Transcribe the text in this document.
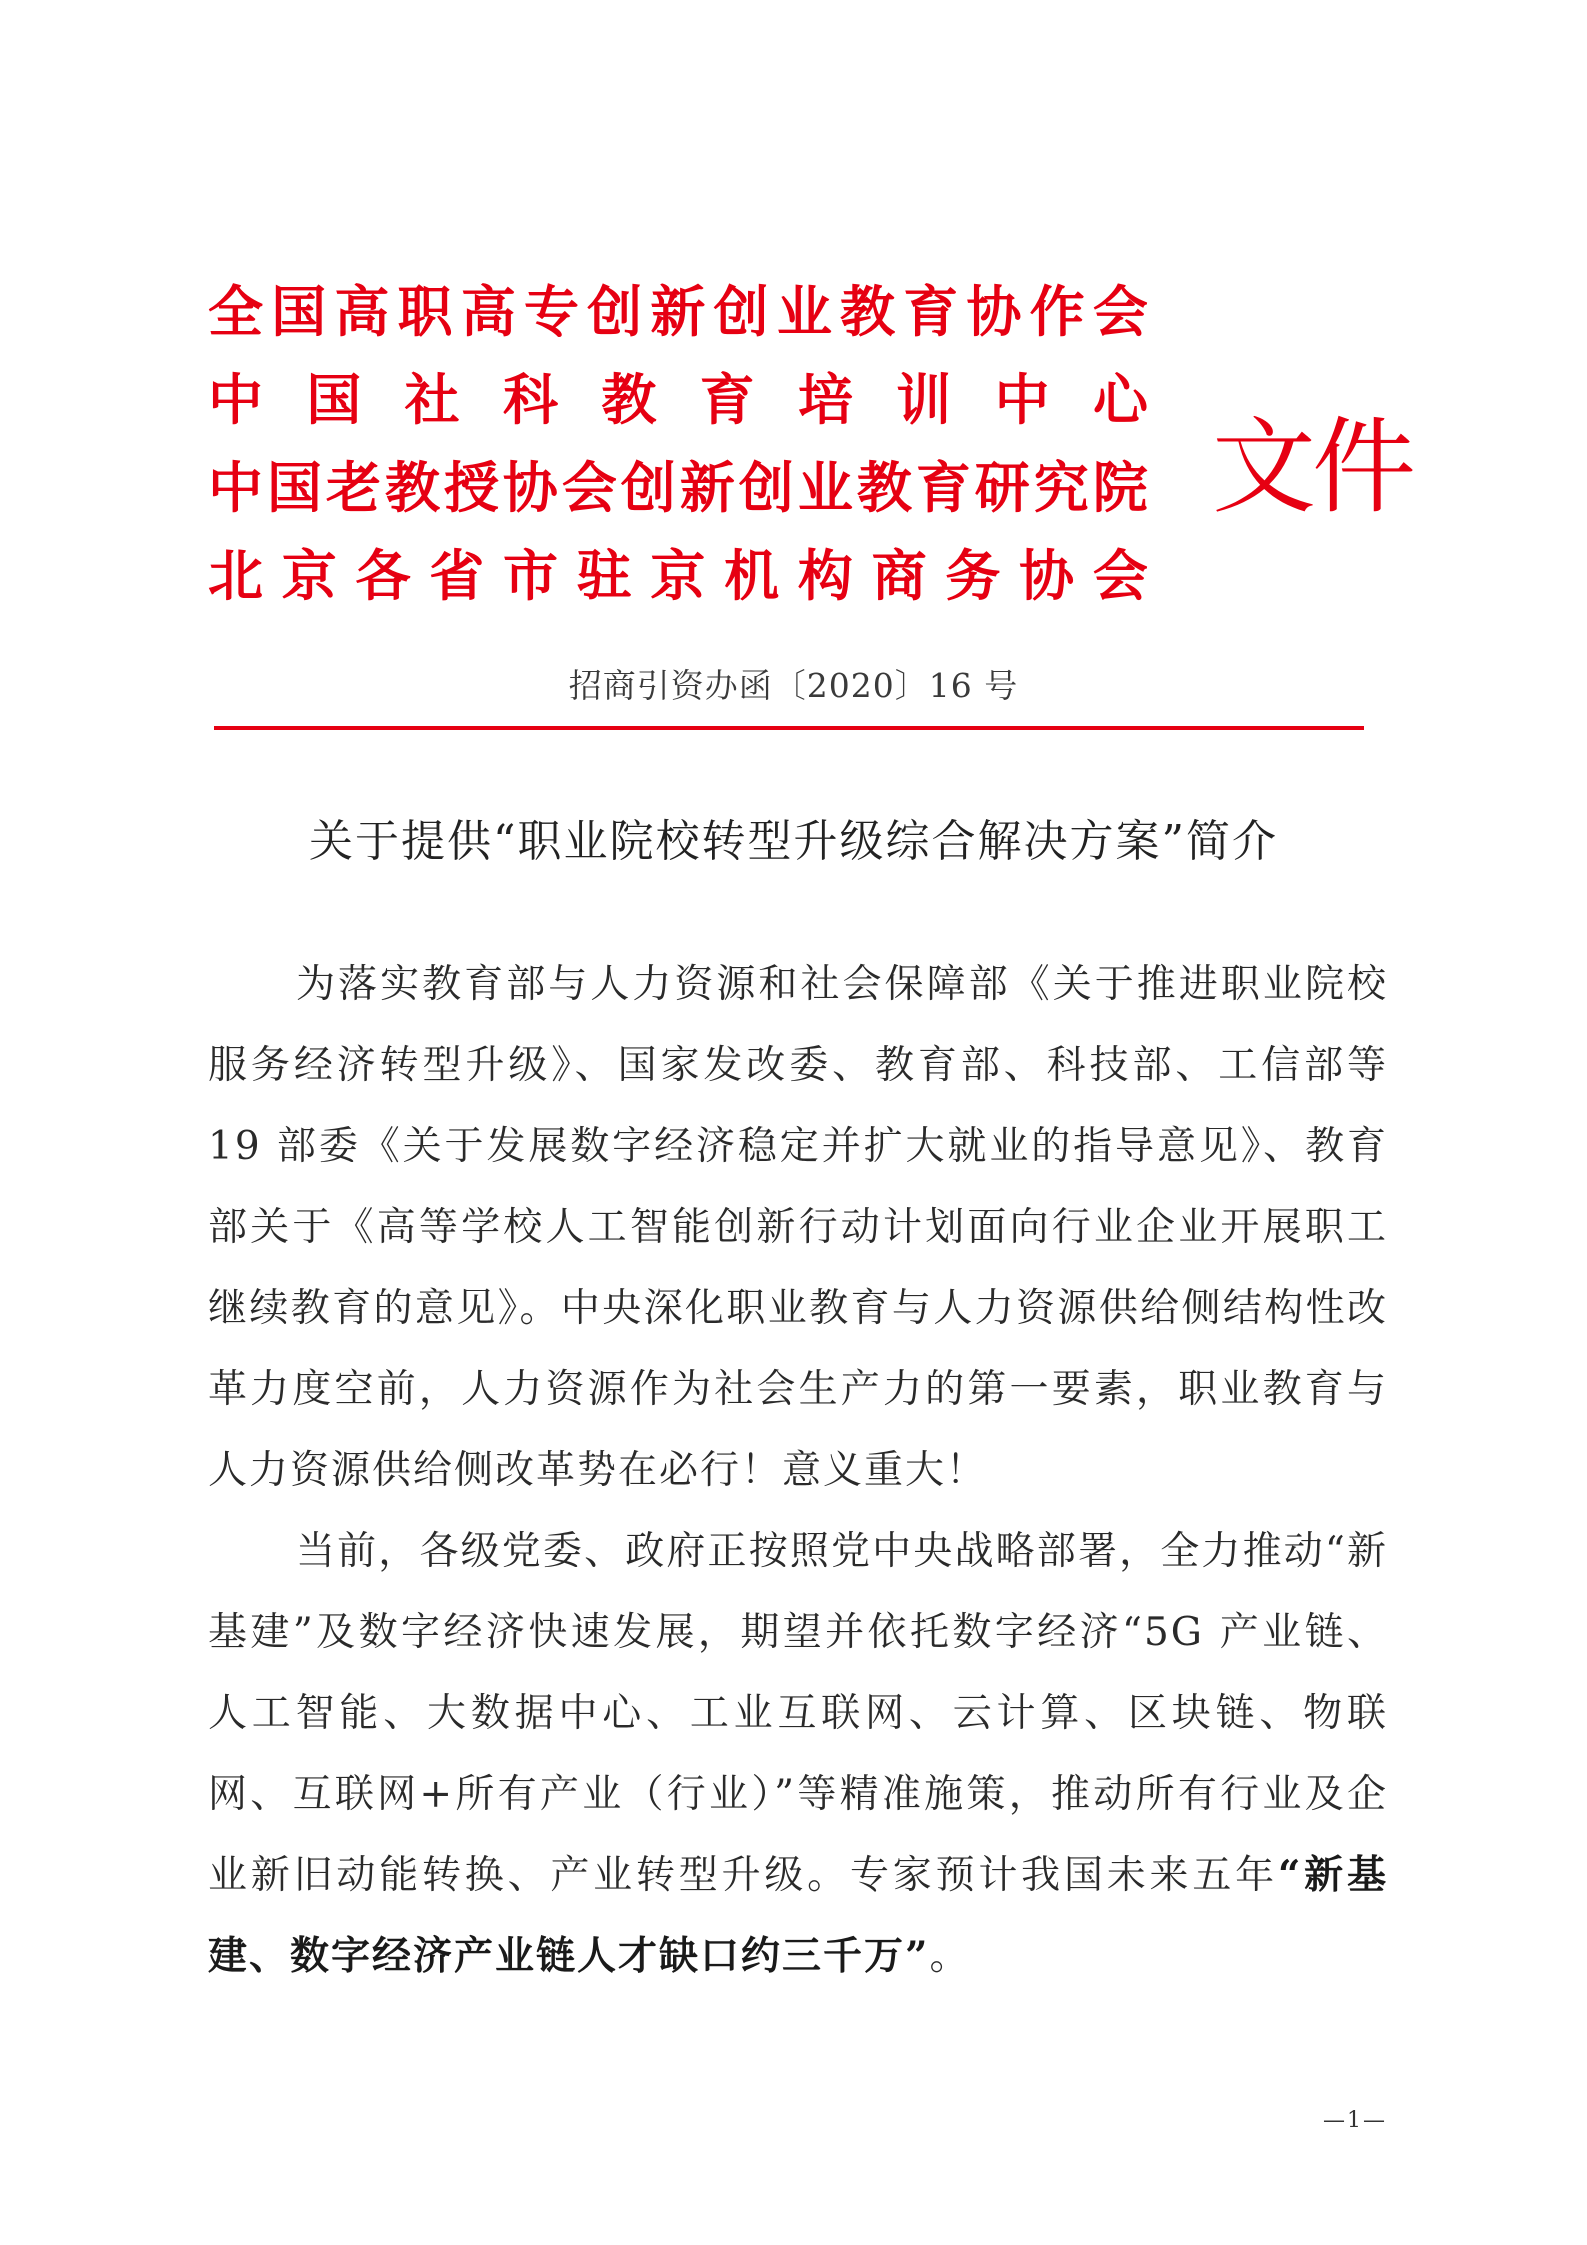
全 国 高 职 高 专 创 新 创 业 教 育 协 作 会
中 国 社 科 教 育 培 训 中 心
中 国 老 教 授 协 会 创 新 创 业 教 育 研 究 院
北 京 各 省 市 驻 京 机 构 商 务 协 会
文件
招商引资办函〔2020〕16 号
关于提供“职业院校转型升级综合解决方案”简介

为落实教育部与人力资源和社会保障部《关于推进职业院校服务经济转型升级》、国家发改委、教育部、科技部、工信部等 19 部委《关于发展数字经济稳定并扩大就业的指导意见》、教育部关于《高等学校人工智能创新行动计划面向行业企业开展职工继续教育的意见》。中央深化职业教育与人力资源供给侧结构性改革力度空前，人力资源作为社会生产力的第一要素，职业教育与人力资源供给侧改革势在必行！意义重大！

当前，各级党委、政府正按照党中央战略部署，全力推动“新基建”及数字经济快速发展，期望并依托数字经济“5G 产业链、人工智能、大数据中心、工业互联网、云计算、区块链、物联网、互联网+所有产业（行业）”等精准施策，推动所有行业及企业新旧动能转换、产业转型升级。专家预计我国未来五年“新基建、数字经济产业链人才缺口约三千万”。

—1—
